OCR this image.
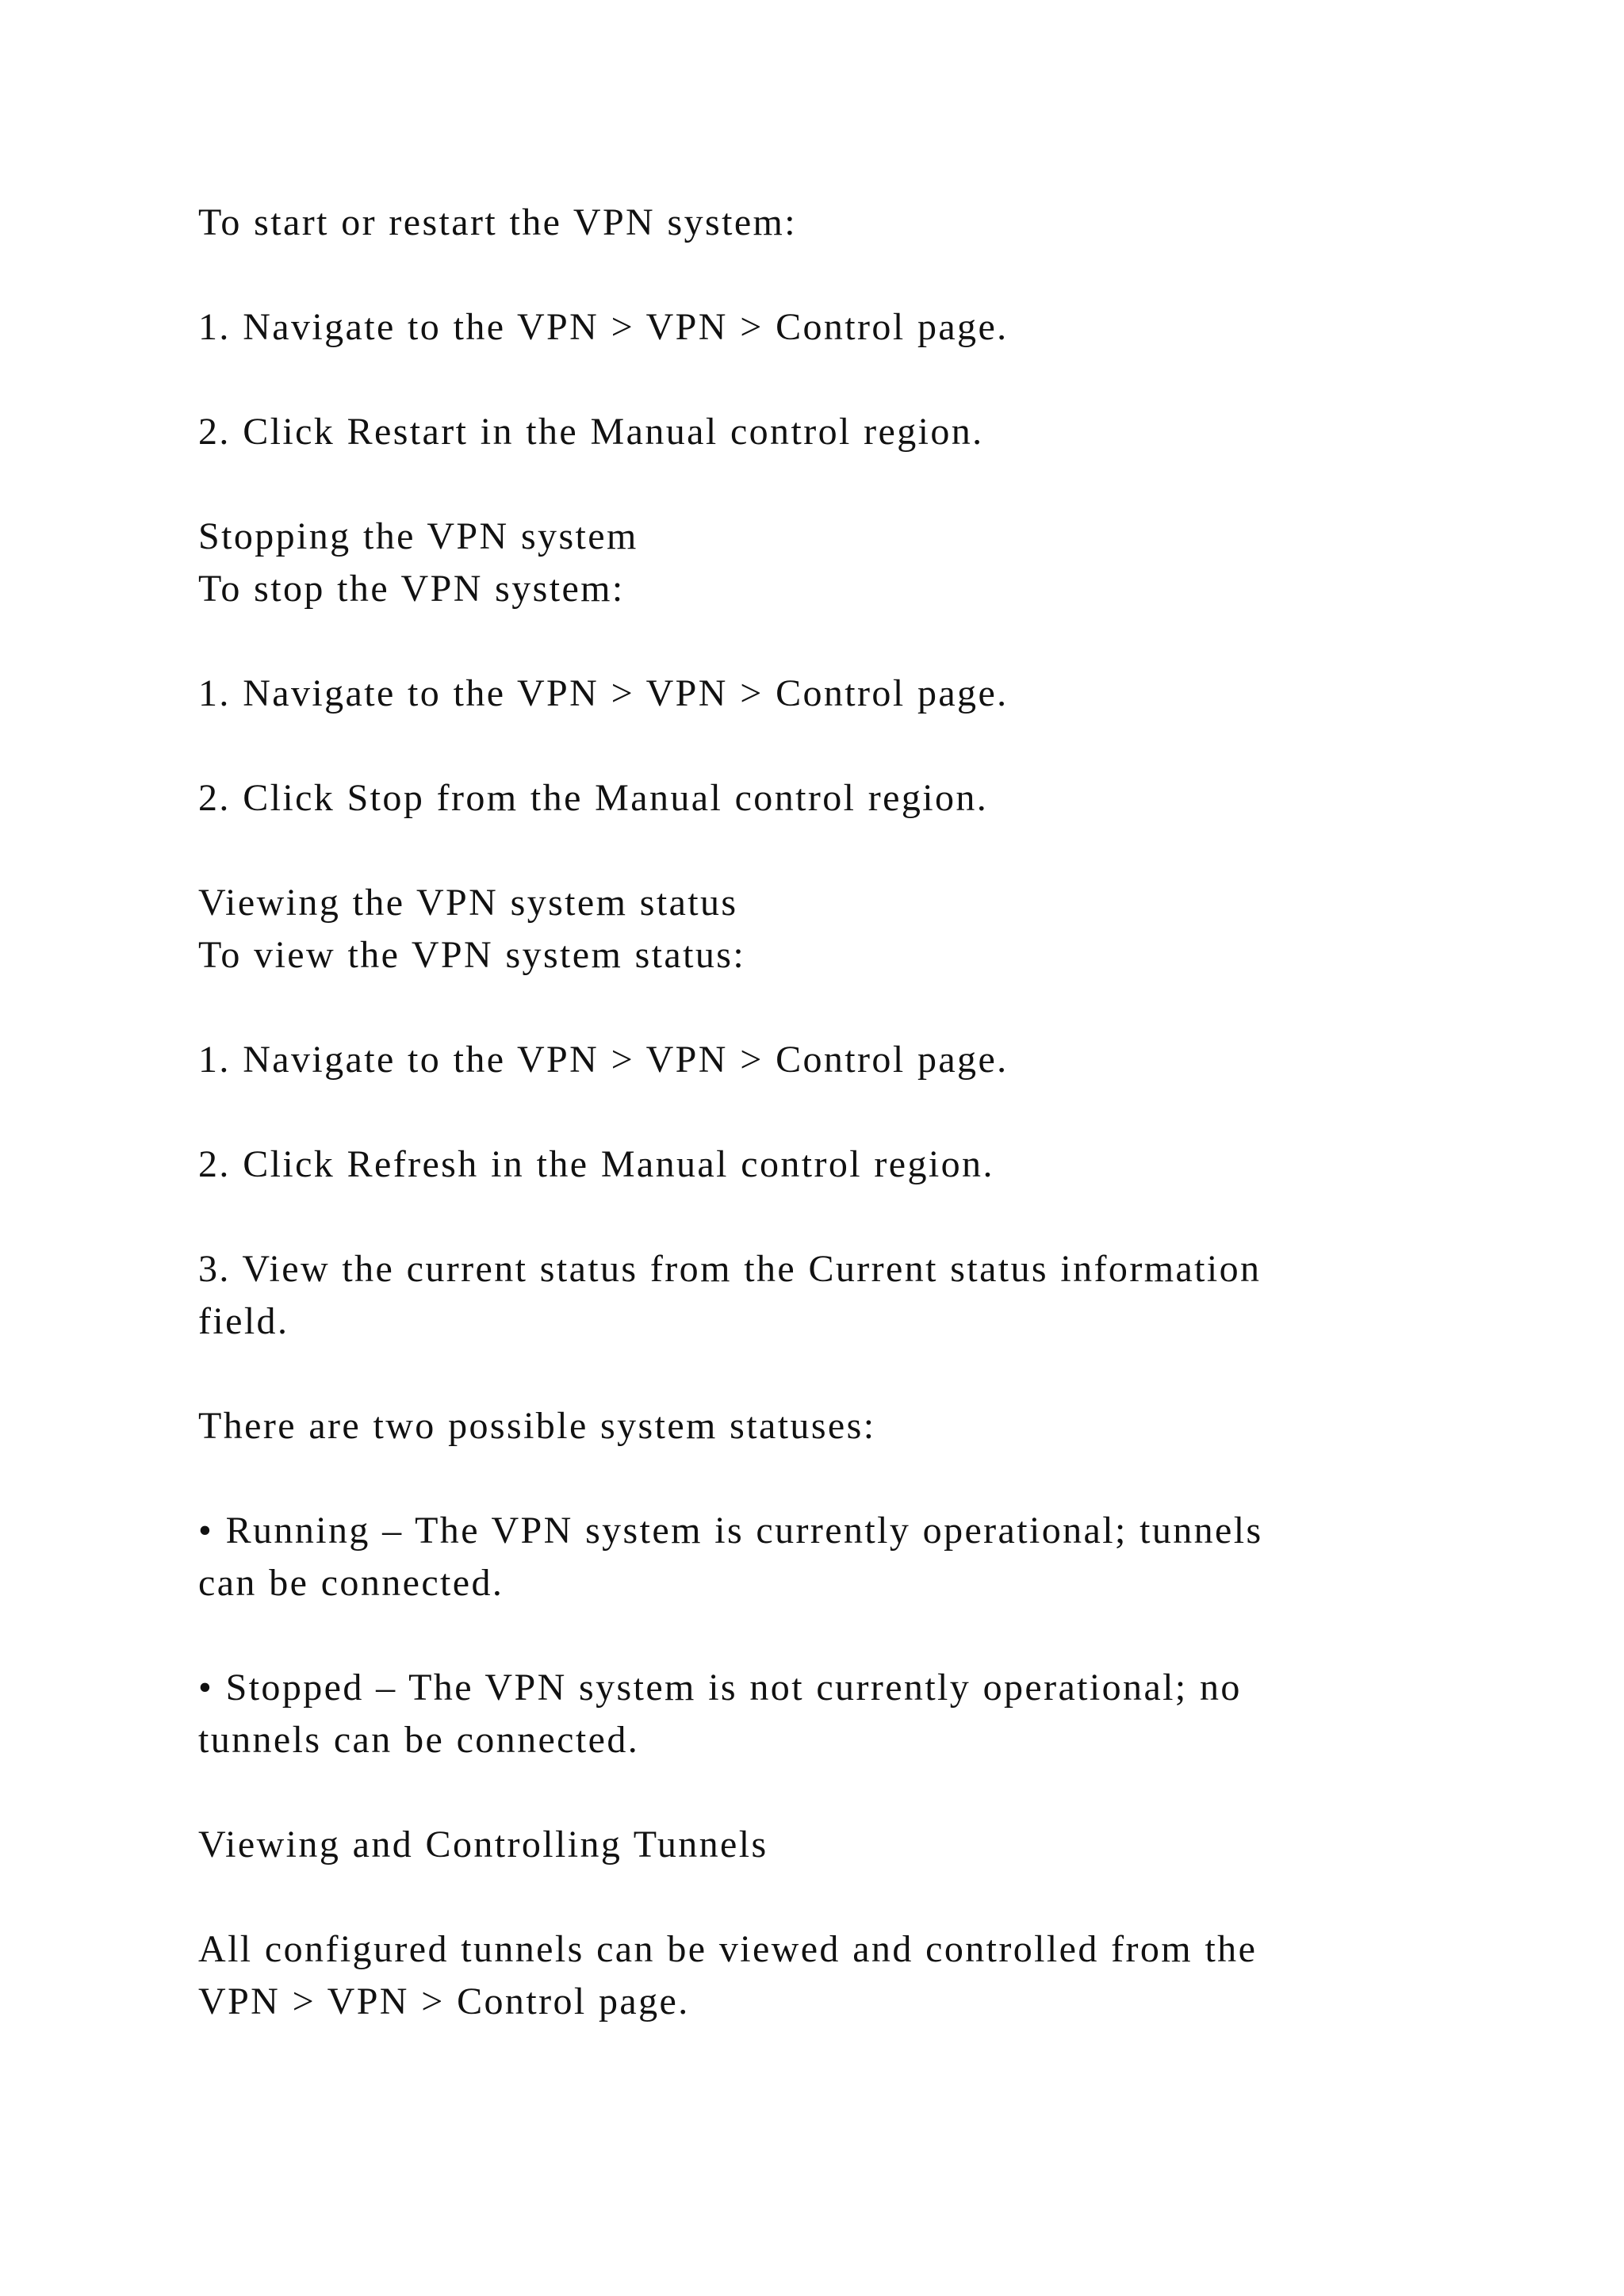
To start or restart the VPN system:
1. Navigate to the VPN > VPN > Control page.
2. Click Restart in the Manual control region.
Stopping the VPN system
To stop the VPN system:
1. Navigate to the VPN > VPN > Control page.
2. Click Stop from the Manual control region.
Viewing the VPN system status
To view the VPN system status:
1. Navigate to the VPN > VPN > Control page.
2. Click Refresh in the Manual control region.
3. View the current status from the Current status information
field.
There are two possible system statuses:
• Running – The VPN system is currently operational; tunnels
can be connected.
• Stopped – The VPN system is not currently operational; no
tunnels can be connected.
Viewing and Controlling Tunnels
All configured tunnels can be viewed and controlled from the
VPN > VPN > Control page.
